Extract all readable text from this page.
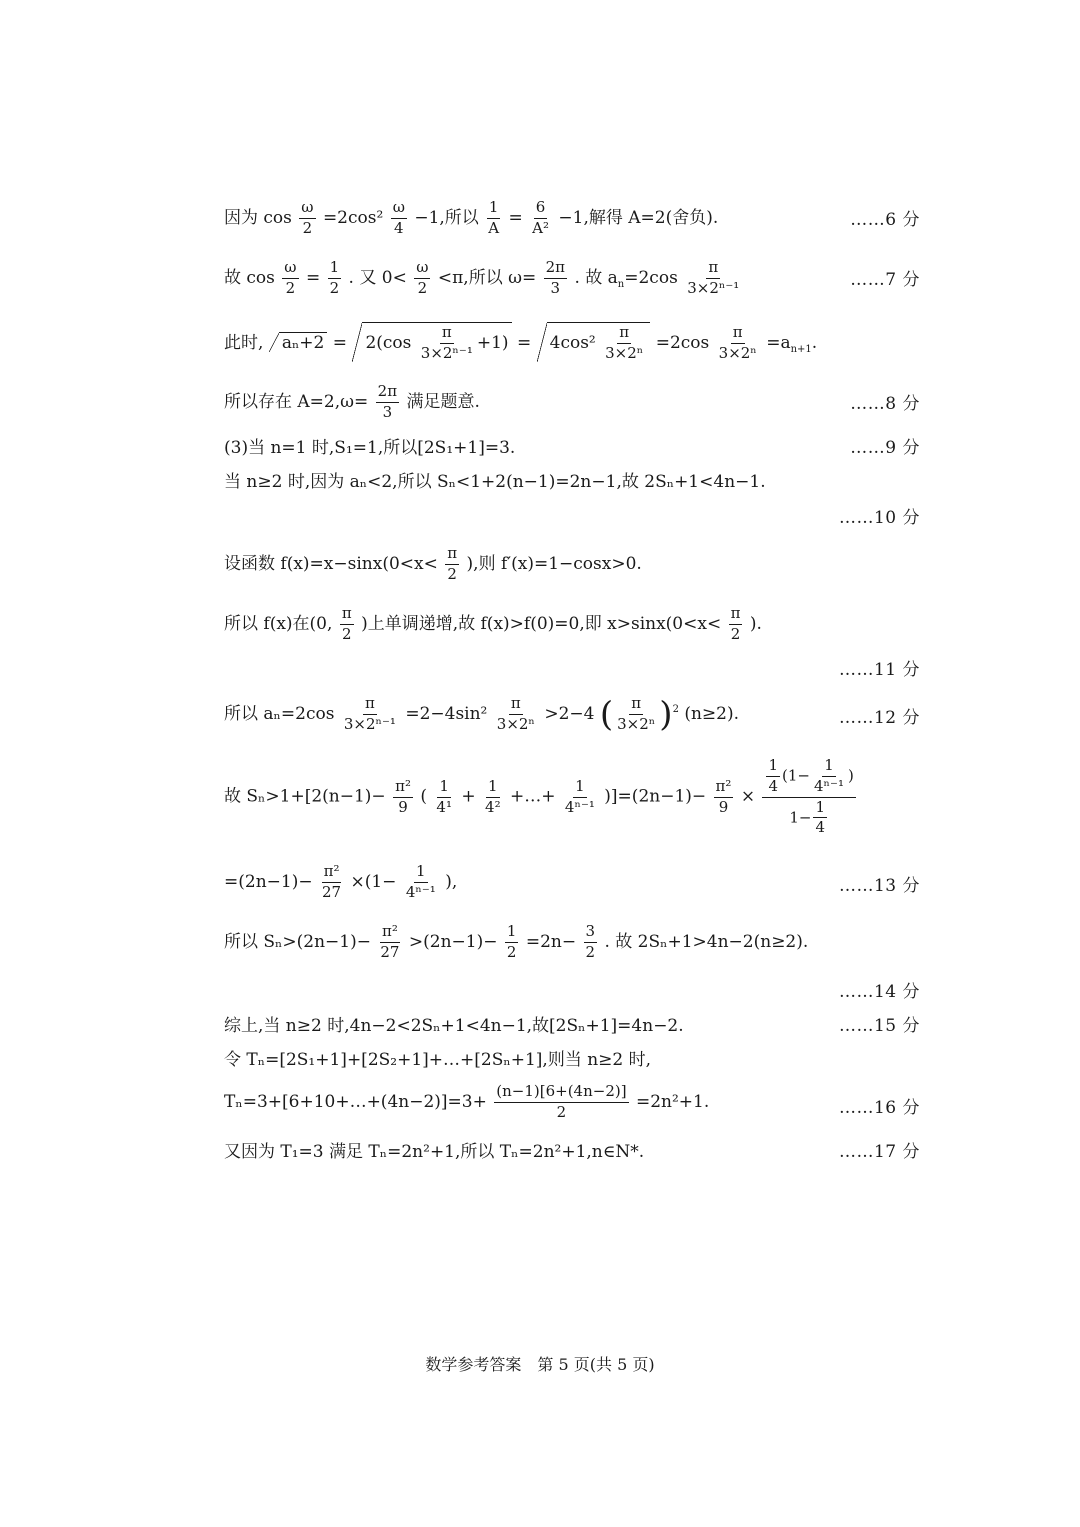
因为 $\cos \frac{\omega}{2} =2\cos^2 \frac{\omega}{4} -1$,所以 $\frac{1}{A} = \frac{6}{\text{A²}} -1$,解得 A=2(舍负).	……6 分
故 $\cos \frac{\omega}{2} = \frac{1}{2}$ . 又 $0< \frac{\omega}{2} <\pi$,所以 $\omega= \frac{2\pi}{3}$ . 故 $a_n=2\cos \frac{\pi}{\text{3×2ⁿ⁻¹}}$	……7 分
此时, $a_n+2 = 2(\cos \frac{\pi}{\text{3×2ⁿ⁻¹}} +1) = 4\cos^2 \frac{\pi}{\text{3×2ⁿ}} =2\cos \frac{\pi}{\text{3×2ⁿ}} =a_{n+1}$.
所以存在 $A=2,\omega= \frac{2\pi}{3}$ 满足题意.	……8 分
(3)当 n=1 时,S₁=1,所以[2S₁+1]=3.	……9 分
当 n≥2 时,因为 aₙ<2,所以 Sₙ<1+2(n−1)=2n−1,故 2Sₙ+1<4n−1.
……10 分
设函数 $f(x)=x-\sin x(0<x< \frac{\pi}{2}$ ),则 f′(x)=1−cosx>0.
所以 f(x)在(0, $\frac{\pi}{2}$ )上单调递增,故 f(x)>f(0)=0,即 $x>\sin x(0<x< \frac{\pi}{2}$ ).
……11 分
所以 $a_n=2\cos \frac{\pi}{\text{3×2ⁿ⁻¹}} =2-4\sin^2 \frac{\pi}{\text{3×2ⁿ}} >2-4$ ( $\frac{\pi}{\text{3×2ⁿ}} )^2$ (n≥2).	……12 分
故 $S_n>1+[2(n-1)- \frac{\text{π²}}{9}$ ( $\frac{1}{\text{4¹}} + \frac{1}{\text{4²}}$ +…+ $\frac{1}{\text{4ⁿ⁻¹}} )]=(2n-1)- \frac{\text{π²}}{9} \times \frac{\frac{1}{4} (1- \frac{1}{\text{4ⁿ⁻¹}} )}{1- \frac{1}{4}}$
$=(2n-1)- \frac{\text{π²}}{27} \times(1- \frac{1}{\text{4ⁿ⁻¹}}$ ),	……13 分
所以 $S_n>(2n-1)- \frac{\text{π²}}{27} >(2n-1)- \frac{1}{2} =2n- \frac{3}{2}$ . 故 2Sₙ+1>4n−2(n≥2).
……14 分
综上,当 n≥2 时,4n−2<2Sₙ+1<4n−1,故[2Sₙ+1]=4n−2.	……15 分
令 Tₙ=[2S₁+1]+[2S₂+1]+…+[2Sₙ+1],则当 n≥2 时,
Tₙ=3+[6+10+…+(4n−2)]=3+ $\frac{(n-1)[6+(4n-2)]}{2} =2n^2+1$.	……16 分
又因为 T₁=3 满足 Tₙ=2n²+1,所以 Tₙ=2n²+1,n∈N*.	……17 分
数学参考答案　第 5 页(共 5 页)
